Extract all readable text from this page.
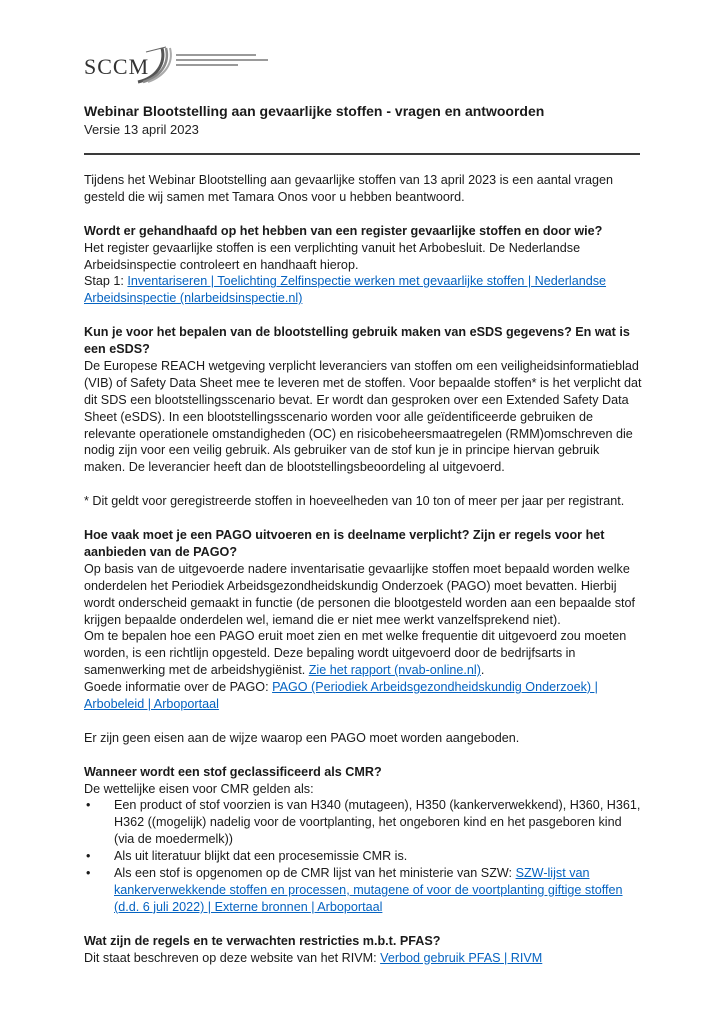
SCCM
Webinar Blootstelling aan gevaarlijke stoffen - vragen en antwoorden
Versie 13 april 2023

Tijdens het Webinar Blootstelling aan gevaarlijke stoffen van 13 april 2023 is een aantal vragen gesteld die wij samen met Tamara Onos voor u hebben beantwoord.

Wordt er gehandhaafd op het hebben van een register gevaarlijke stoffen en door wie?

Het register gevaarlijke stoffen is een verplichting vanuit het Arbobesluit. De Nederlandse Arbeidsinspectie controleert en handhaaft hierop.

Stap 1: Inventariseren | Toelichting Zelfinspectie werken met gevaarlijke stoffen | Nederlandse Arbeidsinspectie (nlarbeidsinspectie.nl)

Kun je voor het bepalen van de blootstelling gebruik maken van eSDS gegevens? En wat is een eSDS?

De Europese REACH wetgeving verplicht leveranciers van stoffen om een veiligheidsinformatieblad (VIB) of Safety Data Sheet mee te leveren met de stoffen. Voor bepaalde stoffen* is het verplicht dat dit SDS een blootstellingsscenario bevat. Er wordt dan gesproken over een Extended Safety Data Sheet (eSDS). In een blootstellingsscenario worden voor alle geïdentificeerde gebruiken de relevante operationele omstandigheden (OC) en risicobeheersmaatregelen (RMM)omschreven die nodig zijn voor een veilig gebruik. Als gebruiker van de stof kun je in principe hiervan gebruik maken. De leverancier heeft dan de blootstellingsbeoordeling al uitgevoerd.

* Dit geldt voor geregistreerde stoffen in hoeveelheden van 10 ton of meer per jaar per registrant.

Hoe vaak moet je een PAGO uitvoeren en is deelname verplicht? Zijn er regels voor het aanbieden van de PAGO?

Op basis van de uitgevoerde nadere inventarisatie gevaarlijke stoffen moet bepaald worden welke onderdelen het Periodiek Arbeidsgezondheidskundig Onderzoek (PAGO) moet bevatten. Hierbij wordt onderscheid gemaakt in functie (de personen die blootgesteld worden aan een bepaalde stof krijgen bepaalde onderdelen wel, iemand die er niet mee werkt vanzelfsprekend niet).

Om te bepalen hoe een PAGO eruit moet zien en met welke frequentie dit uitgevoerd zou moeten worden, is een richtlijn opgesteld. Deze bepaling wordt uitgevoerd door de bedrijfsarts in samenwerking met de arbeidshygiënist. Zie het rapport (nvab-online.nl).

Goede informatie over de PAGO: PAGO (Periodiek Arbeidsgezondheidskundig Onderzoek) | Arbobeleid | Arboportaal

Er zijn geen eisen aan de wijze waarop een PAGO moet worden aangeboden.

Wanneer wordt een stof geclassificeerd als CMR?

De wettelijke eisen voor CMR gelden als:

• Een product of stof voorzien is van H340 (mutageen), H350 (kankerverwekkend), H360, H361, H362 ((mogelijk) nadelig voor de voortplanting, het ongeboren kind en het pasgeboren kind (via de moedermelk))
• Als uit literatuur blijkt dat een procesemissie CMR is.
• Als een stof is opgenomen op de CMR lijst van het ministerie van SZW: SZW-lijst van kankerverwekkende stoffen en processen, mutagene of voor de voortplanting giftige stoffen (d.d. 6 juli 2022) | Externe bronnen | Arboportaal

Wat zijn de regels en te verwachten restricties m.b.t. PFAS?

Dit staat beschreven op deze website van het RIVM: Verbod gebruik PFAS | RIVM
